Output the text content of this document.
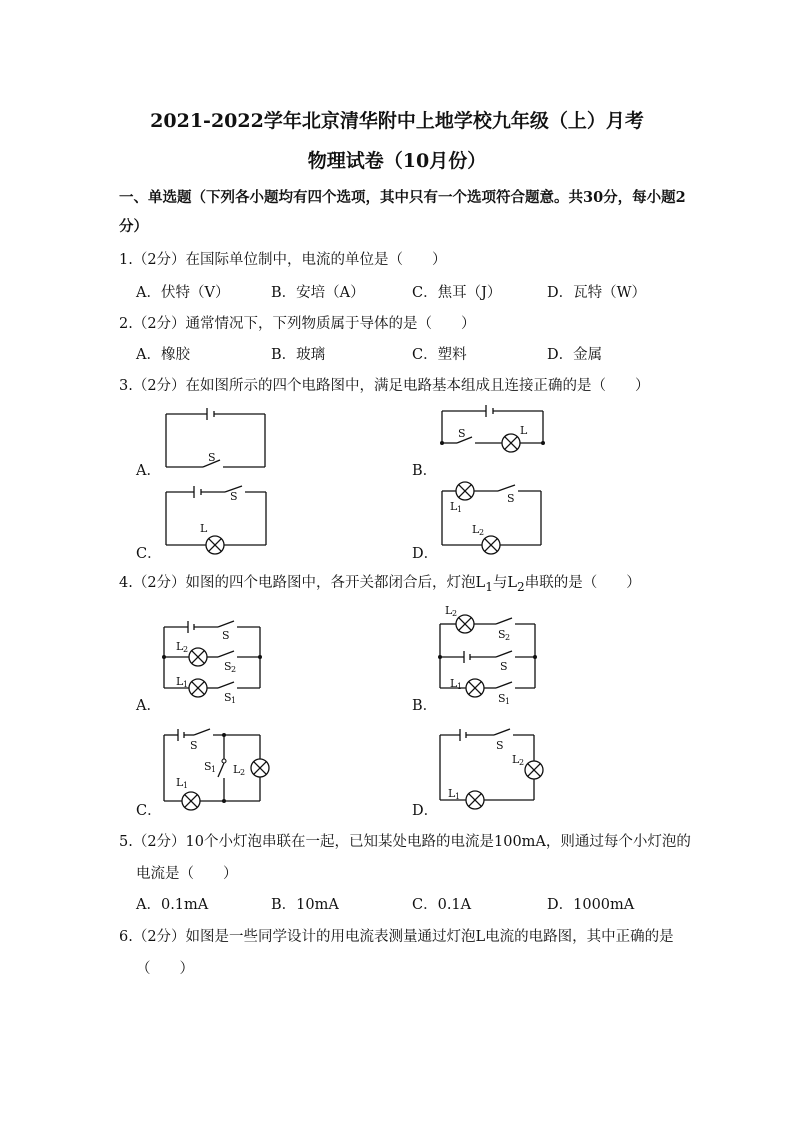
2021-2022学年北京清华附中上地学校九年级（上）月考
物理试卷（10月份）
一、单选题（下列各小题均有四个选项，其中只有一个选项符合题意。共30分，每小题2
分）
1.（2分）在国际单位制中，电流的单位是（　　）
A．伏特（V）	B．安培（A）	C．焦耳（J）	D．瓦特（W）
2.（2分）通常情况下，下列物质属于导体的是（　　）
A．橡胶	B．玻璃	C．塑料	D．金属
3.（2分）在如图所示的四个电路图中，满足电路基本组成且连接正确的是（　　）
A．
S
B．
S	L
C．
S
L
D．
L 1
S
L 2
4.（2分）如图的四个电路图中，各开关都闭合后，灯泡$L_1$与$L_2$串联的是（　　）
A．
S
L 2
S 2
L 1
S 1	B．
L 2
S 2
S
L 1
S 1
C．
S
S 1 L 2
L 1
D．
S
L 2
L 1
5.（2分）10个小灯泡串联在一起，已知某处电路的电流是100mA，则通过每个小灯泡的
电流是（　　）
A．0.1mA	B．10mA	C．0.1A	D．1000mA
6.（2分）如图是一些同学设计的用电流表测量通过灯泡L电流的电路图，其中正确的是
（　　）
